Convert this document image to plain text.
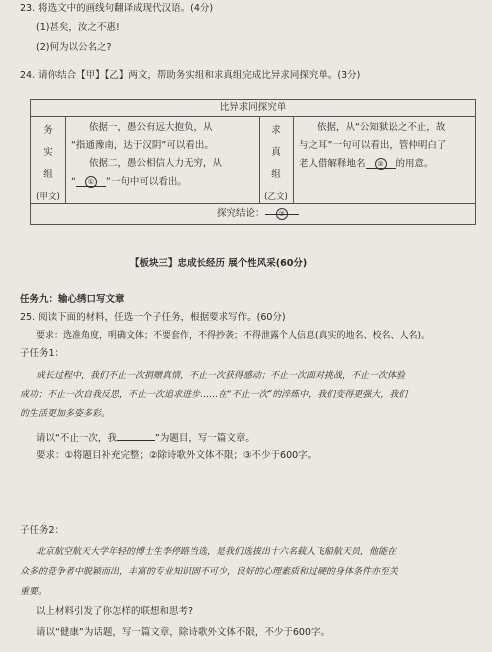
23. 将选文中的画线句翻译成现代汉语。(4分)
(1)甚矣，汝之不惠!
(2)何为以公名之?
24. 请你结合【甲】【乙】两文，帮助务实组和求真组完成比异求同探究单。(3分)
比异求同探究单
务
实
组
(甲文)
依据一，愚公有远大抱负，从
“指通豫南，达于汉阴”可以看出。
依据二，愚公相信人力无穷，从
“ ① ”一句中可以看出。
求
真
组
(乙文)
依据，从“公知狱讼之不止，故
与之耳”一句可以看出，管仲明白了
老人借解释地名 ② 的用意。
探究结论： ③
【板块三】忠成长经历 展个性风采(60分)
任务九：输心绣口写文章
25. 阅读下面的材料，任选一个子任务，根据要求写作。(60分)
要求：选准角度，明确文体；不要套作，不得抄袭；不得泄露个人信息(真实的地名、校名、人名)。
子任务1：
成长过程中，我们不止一次捐赠真情，不止一次获得感动；不止一次面对挑战，不止一次体验
成功；不止一次自我反思，不止一次追求进步……在“不止一次”的淬炼中，我们变得更强大，我们
的生活更加多姿多彩。
请以“不止一次，我	”为题目，写一篇文章。
要求：①将题目补充完整；②除诗歌外文体不限；③不少于600字。
子任务2：
北京航空航天大学年轻的博士生李停路当选，是我们选拔出十六名载人飞船航天员，他能在
众多的竞争者中脱颖而出，丰富的专业知识固不可少，良好的心理素质和过硬的身体条件亦至关
重要。
以上材料引发了你怎样的联想和思考?
请以“健康”为话题，写一篇文章，除诗歌外文体不限，不少于600字。
